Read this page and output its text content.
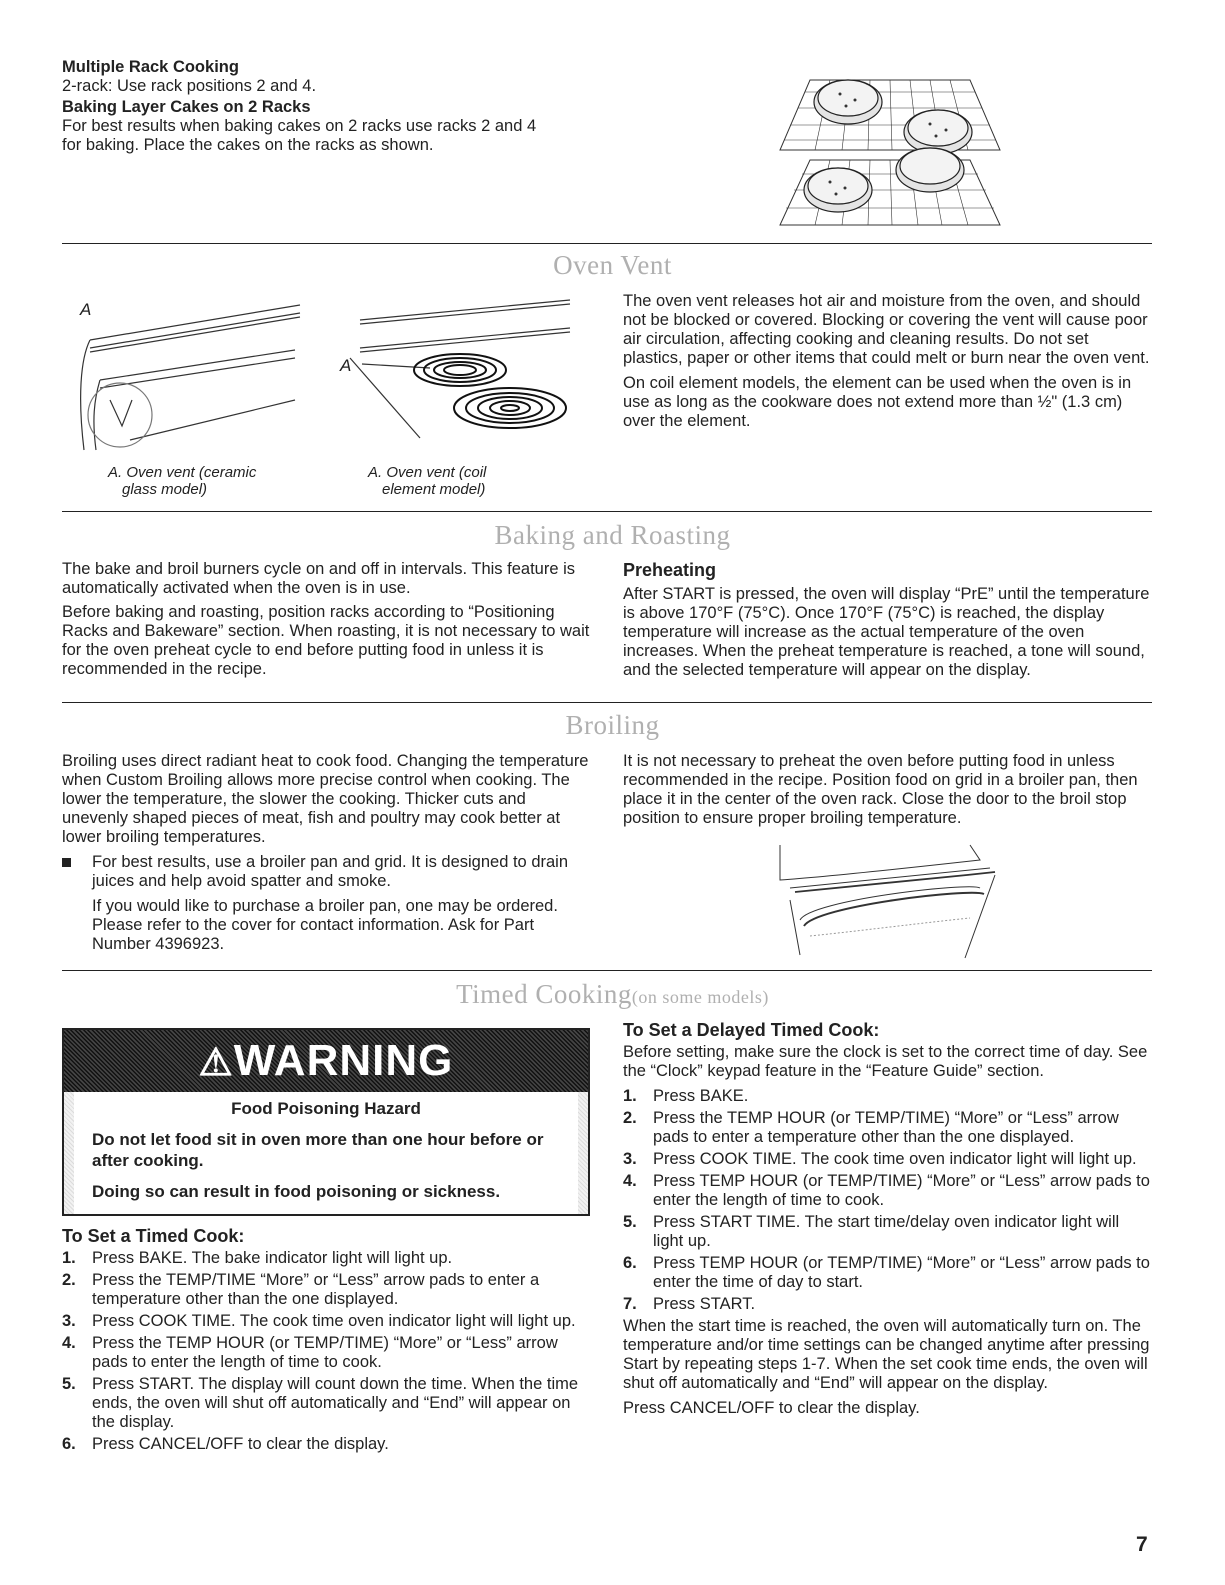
Multiple Rack Cooking

2-rack: Use rack positions 2 and 4.

Baking Layer Cakes on 2 Racks

For best results when baking cakes on 2 racks use racks 2 and 4

for baking. Place the cakes on the racks as shown.

Oven Vent
A
A
A. Oven vent (ceramic
glass model)
A. Oven vent (coil
element model)

The oven vent releases hot air and moisture from the oven, and should not be blocked or covered. Blocking or covering the vent will cause poor air circulation, affecting cooking and cleaning results. Do not set plastics, paper or other items that could melt or burn near the oven vent.

On coil element models, the element can be used when the oven is in use as long as the cookware does not extend more than ½" (1.3 cm) over the element.

Baking and Roasting

The bake and broil burners cycle on and off in intervals. This feature is automatically activated when the oven is in use.

Before baking and roasting, position racks according to “Positioning Racks and Bakeware” section. When roasting, it is not necessary to wait for the oven preheat cycle to end before putting food in unless it is recommended in the recipe.

Preheating

After START is pressed, the oven will display “PrE” until the temperature is above 170°F (75°C). Once 170°F (75°C) is reached, the display temperature will increase as the actual temperature of the oven increases. When the preheat temperature is reached, a tone will sound, and the selected temperature will appear on the display.

Broiling

Broiling uses direct radiant heat to cook food. Changing the temperature when Custom Broiling allows more precise control when cooking. The lower the temperature, the slower the cooking. Thicker cuts and unevenly shaped pieces of meat, fish and poultry may cook better at lower broiling temperatures.

For best results, use a broiler pan and grid. It is designed to drain juices and help avoid spatter and smoke.

If you would like to purchase a broiler pan, one may be ordered. Please refer to the cover for contact information. Ask for Part Number 4396923.

It is not necessary to preheat the oven before putting food in unless recommended in the recipe. Position food on grid in a broiler pan, then place it in the center of the oven rack. Close the door to the broil stop position to ensure proper broiling temperature.

Timed Cooking(on some models)
⚠WARNING

Food Poisoning Hazard

Do not let food sit in oven more than one hour before or after cooking.

Doing so can result in food poisoning or sickness.

To Set a Timed Cook:

1. Press BAKE. The bake indicator light will light up.
2. Press the TEMP/TIME “More” or “Less” arrow pads to enter a temperature other than the one displayed.
3. Press COOK TIME. The cook time oven indicator light will light up.
4. Press the TEMP HOUR (or TEMP/TIME) “More” or “Less” arrow pads to enter the length of time to cook.
5. Press START. The display will count down the time. When the time ends, the oven will shut off automatically and “End” will appear on the display.
6. Press CANCEL/OFF to clear the display.

To Set a Delayed Timed Cook:

Before setting, make sure the clock is set to the correct time of day. See the “Clock” keypad feature in the “Feature Guide” section.

1. Press BAKE.
2. Press the TEMP HOUR (or TEMP/TIME) “More” or “Less” arrow pads to enter a temperature other than the one displayed.
3. Press COOK TIME. The cook time oven indicator light will light up.
4. Press TEMP HOUR (or TEMP/TIME) “More” or “Less” arrow pads to enter the length of time to cook.
5. Press START TIME. The start time/delay oven indicator light will light up.
6. Press TEMP HOUR (or TEMP/TIME) “More” or “Less” arrow pads to enter the time of day to start.
7. Press START.

When the start time is reached, the oven will automatically turn on. The temperature and/or time settings can be changed anytime after pressing Start by repeating steps 1-7. When the set cook time ends, the oven will shut off automatically and “End” will appear on the display.

Press CANCEL/OFF to clear the display.

7
